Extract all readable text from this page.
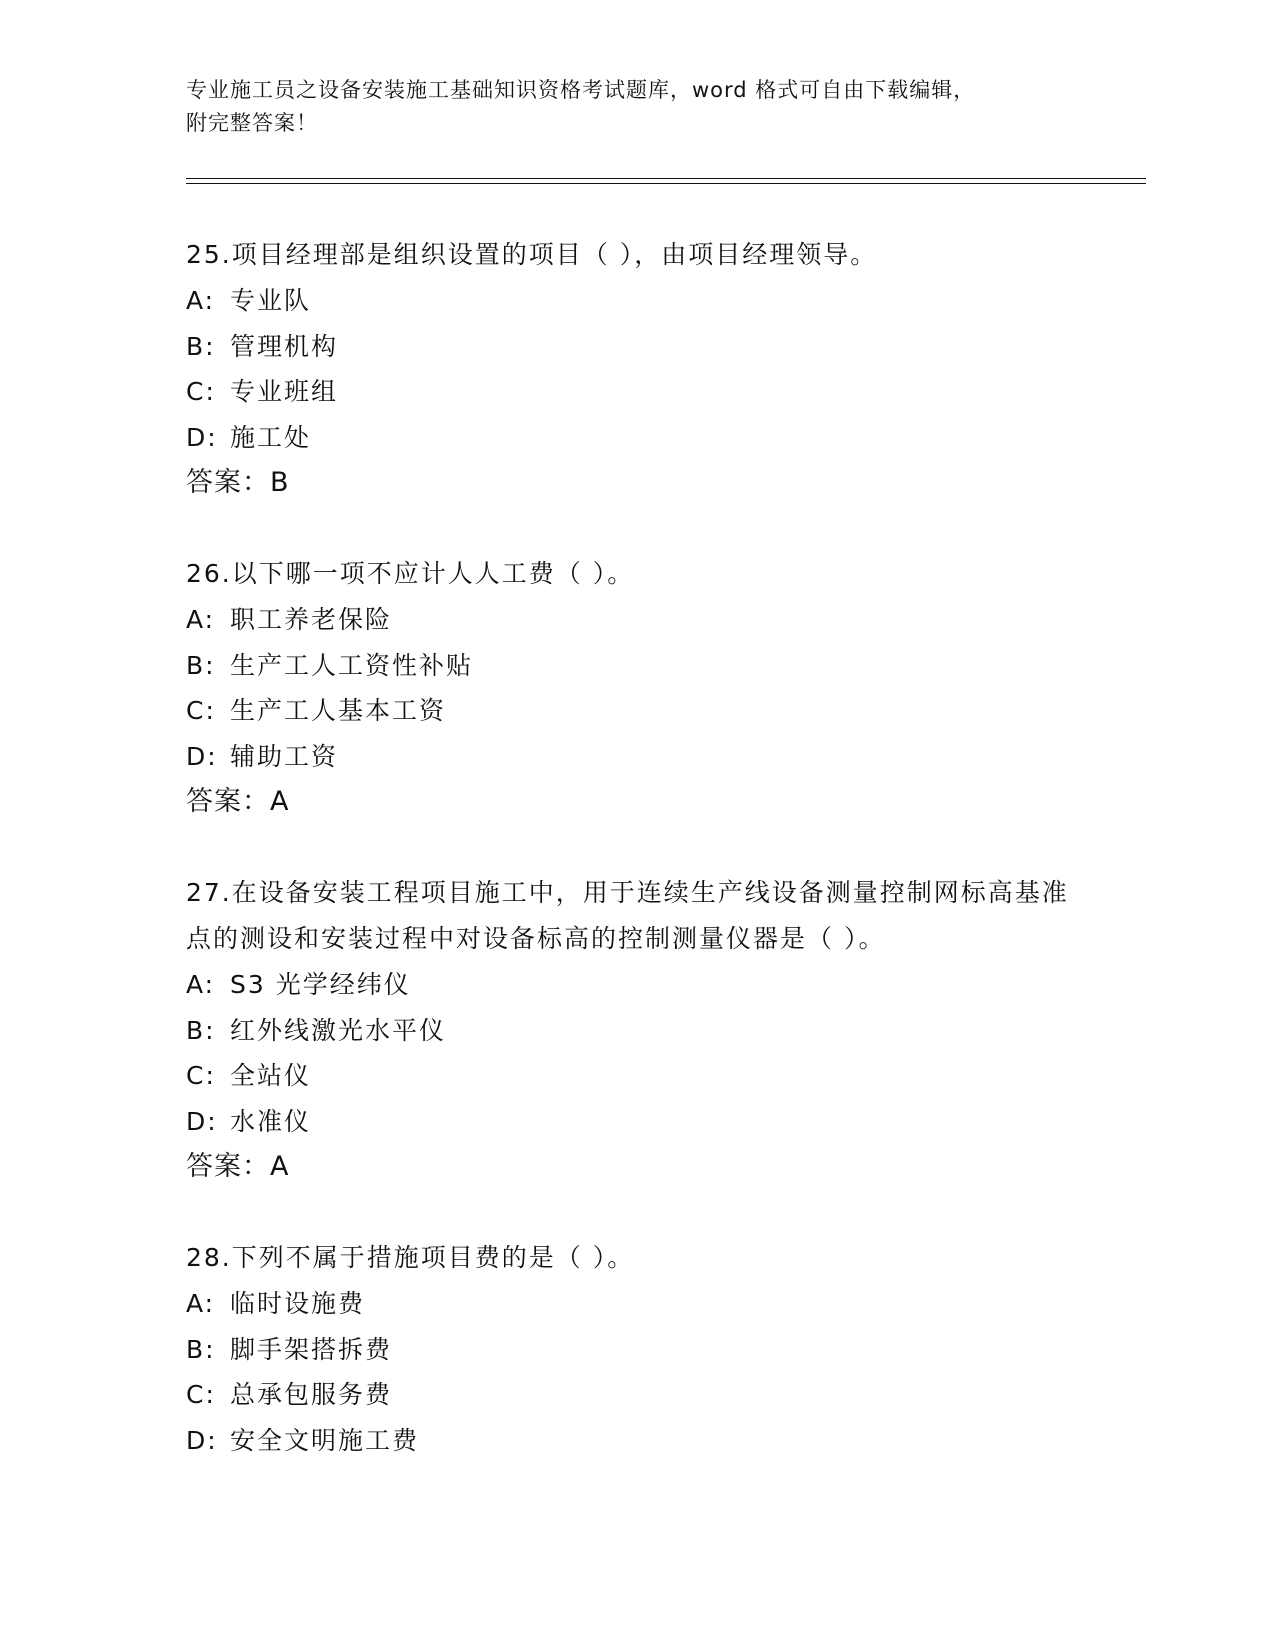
专业施工员之设备安装施工基础知识资格考试题库，word 格式可自由下载编辑，
附完整答案！

25.项目经理部是组织设置的项目（ ），由项目经理领导。

A: 专业队

B: 管理机构

C: 专业班组

D: 施工处

答案：B

26.以下哪一项不应计人人工费（ ）。

A: 职工养老保险

B: 生产工人工资性补贴

C: 生产工人基本工资

D: 辅助工资

答案：A

27.在设备安装工程项目施工中，用于连续生产线设备测量控制网标高基准点的测设和安装过程中对设备标高的控制测量仪器是（ ）。

A: S3 光学经纬仪

B: 红外线激光水平仪

C: 全站仪

D: 水准仪

答案：A

28.下列不属于措施项目费的是（ ）。

A: 临时设施费

B: 脚手架搭拆费

C: 总承包服务费

D: 安全文明施工费
